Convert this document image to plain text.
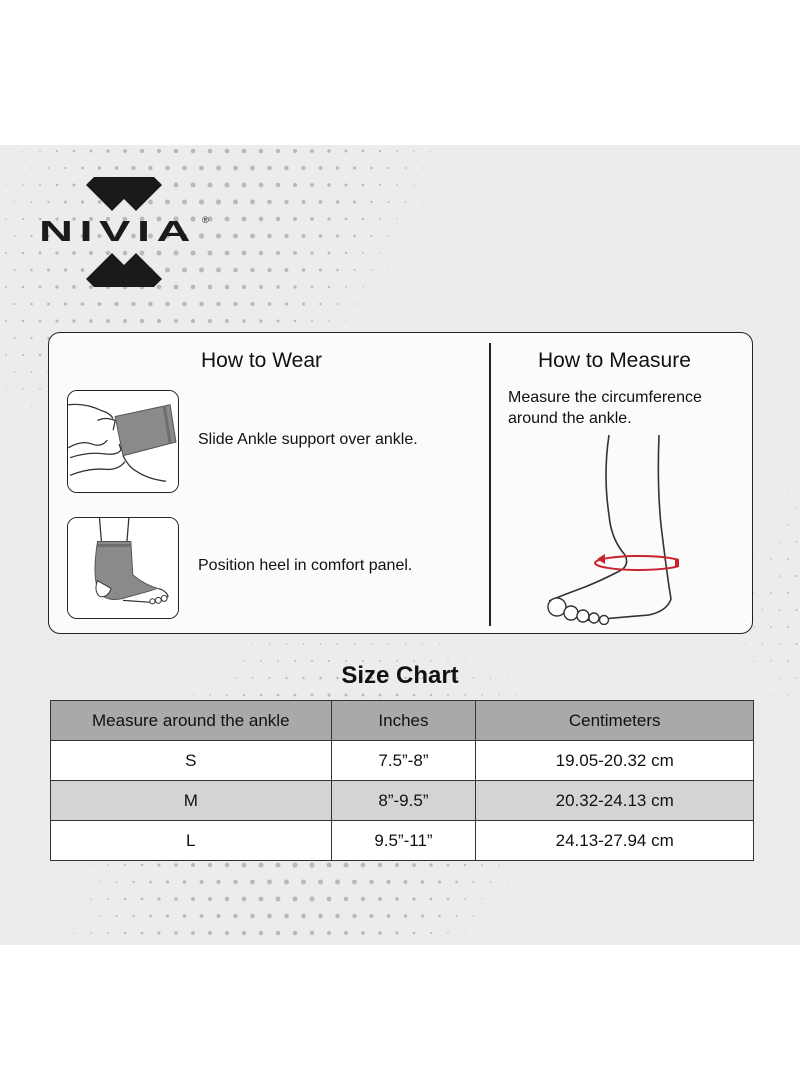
NIVIA ®
How to Wear
Slide Ankle support over ankle.
Position heel in comfort panel.
How to Measure
Measure the circumference around the ankle.
Size Chart
Measure around the ankle	Inches	Centimeters
S	7.5”-8”	19.05-20.32 cm
M	8”-9.5”	20.32-24.13 cm
L	9.5”-11”	24.13-27.94 cm
